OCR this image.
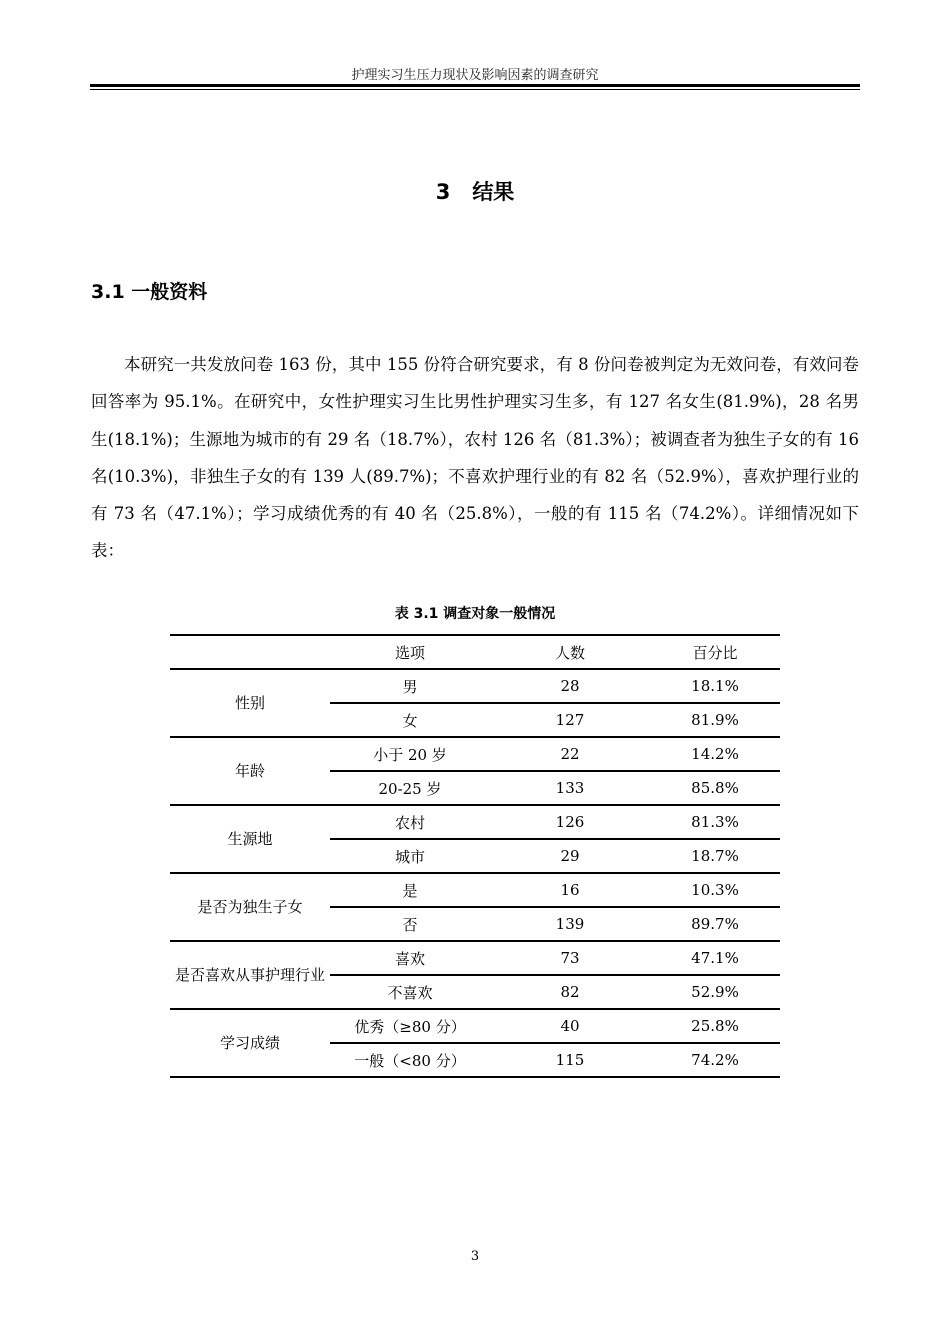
护理实习生压力现状及影响因素的调查研究
3 结果
3.1 一般资料

本研究一共发放问卷 163 份，其中 155 份符合研究要求，有 8 份问卷被判定为无效问卷，有效问卷回答率为 95.1%。在研究中，女性护理实习生比男性护理实习生多，有 127 名女生(81.9%)，28 名男生(18.1%)；生源地为城市的有 29 名（18.7%），农村 126 名（81.3%）；被调查者为独生子女的有 16 名(10.3%)，非独生子女的有 139 人(89.7%)；不喜欢护理行业的有 82 名（52.9%），喜欢护理行业的有 73 名（47.1%）；学习成绩优秀的有 40 名（25.8%），一般的有 115 名（74.2%）。详细情况如下表：

表 3.1 调查对象一般情况
	选项	人数	百分比
性别	男	28	18.1%
	女	127	81.9%
年龄	小于 20 岁	22	14.2%
	20-25 岁	133	85.8%
生源地	农村	126	81.3%
	城市	29	18.7%
是否为独生子女	是	16	10.3%
	否	139	89.7%
是否喜欢从事护理行业	喜欢	73	47.1%
	不喜欢	82	52.9%
学习成绩	优秀（≥80 分）	40	25.8%
	一般（<80 分）	115	74.2%
3
